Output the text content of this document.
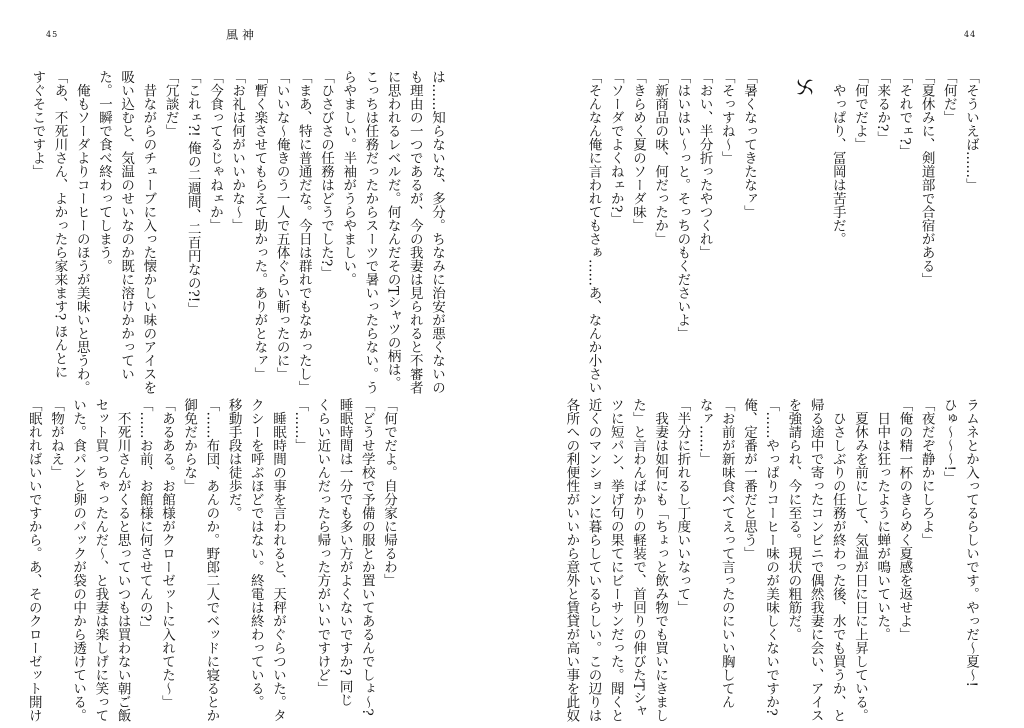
45	風神
は……知らないな、多分。ちなみに治安が悪くないの
も理由の一つであるが、今の我妻は見られると不審者
に思われるレベルだ。何なんだそのTシャツの柄は。
こっちは任務だったからスーツで暑いったらない。う
らやましい。半袖がうらやましい。
「ひさびさの任務はどうでした?」
「まあ、特に普通だな。今日は群れでもなかったし」
「いいな〜俺きのう一人で五体ぐらい斬ったのに」
「暫く楽させてもらえて助かった。ありがとなァ」
「お礼は何がいいかな〜」
「今食ってるじゃねェか」
「これェ?! 俺の二週間、二百円なの?!」
「冗談だ」
　昔ながらのチューブに入った懐かしい味のアイスを
吸い込むと、気温のせいなのか既に溶けかかってい
た。一瞬で食べ終わってしまう。
　俺もソーダよりコーヒーのほうが美味いと思うわ。
「あ、不死川さん、よかったら家来ます? ほんとに
すぐそこですよ」
「何でだよ。自分家に帰るわ」
「どうせ学校で予備の服とか置いてあるんでしょ〜?
睡眠時間は一分でも多い方がよくないですか? 同じ
くらい近いんだったら帰った方がいいですけど」
「……」
　睡眠時間の事を言われると、天秤がぐらついた。タ
クシーを呼ぶほどではない。終電は終わっている。
移動手段は徒歩だ。
「……布団、あんのか。野郎二人でベッドに寝るとか
御免だからな」
「あるある。お館様がクローゼットに入れてた〜」
「……お前、お館様に何させてんの?」
　不死川さんがくると思っていつもは買わない朝ご飯
セット買っちゃったんだ〜、と我妻は楽しげに笑って
いた。食パンと卵のパックが袋の中から透けている。
「物がねえ」
「眠れればいいですから。あ、そのクローゼット開け
44
「そういえば……」
「何だ」
「夏休みに、剣道部で合宿がある」
「それでェ?」
「来るか?」
「何でだよ」
　やっぱり、冨岡は苦手だ。

「暑くなってきたなァ」
「そっすね〜」
「おい、半分折ったやつくれ」
「はいはい〜っと。そっちのもくださいよ」
「新商品の味、何だったか」
「きらめく夏のソーダ味」
「ソーダでよくねェか?」
「そんなん俺に言われてもさぁ……あ、なんか小さい
ラムネとか入ってるらしいです。やっだ〜夏〜!
ひゅ〜〜〜!」
「夜だぞ静かにしろよ」
「俺の精一杯のきらめく夏感を返せよ」
　日中は狂ったように蝉が鳴いていた。
　夏休みを前にして、気温が日に日に上昇している。
　ひさしぶりの任務が終わった後、水でも買うか、と
帰る途中で寄ったコンビニで偶然我妻に会い、アイス
を強請られ、今に至る。現状の粗筋だ。
「……やっぱりコーヒー味のが美味しくないですか?
俺、定番が一番だと思う」
「お前が新味食べてえって言ったのにいい胸してん
なァ……」
「半分に折れるし丁度いいなって」
　我妻は如何にも「ちょっと飲み物でも買いにきまし
た」と言わんばかりの軽装で、首回りの伸びたTシャ
ツに短パン、挙げ句の果てにビーサンだった。聞くと
近くのマンションに暮らしているらしい。この辺りは
各所への利便性がいいから意外と賃貸が高い事を此奴
